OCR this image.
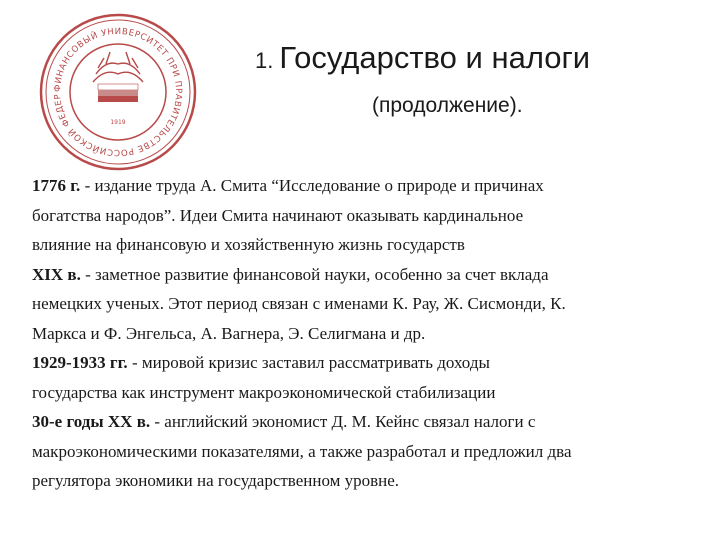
ФИНАНСОВЫЙ УНИВЕРСИТЕТ ПРИ ПРАВИТЕЛЬСТВЕ РОССИЙСКОЙ ФЕДЕР
1919
1. Государство и налоги
(продолжение).

1776 г. - издание труда А. Смита “Исследование о природе и причинах
богатства народов”. Идеи Смита начинают оказывать кардинальное
влияние на финансовую и хозяйственную жизнь государств

XIX в. - заметное развитие финансовой науки, особенно за счет вклада
немецких ученых. Этот период связан с именами К. Рау, Ж. Сисмонди, К.
Маркса и Ф. Энгельса, А. Вагнера, Э. Селигмана и др.

1929-1933 гг. - мировой кризис заставил рассматривать доходы
государства как инструмент макроэкономической стабилизации

30-е годы XX в. - английский экономист Д. М. Кейнс связал налоги с
макроэкономическими показателями, а также разработал и предложил два
регулятора экономики на государственном уровне.
